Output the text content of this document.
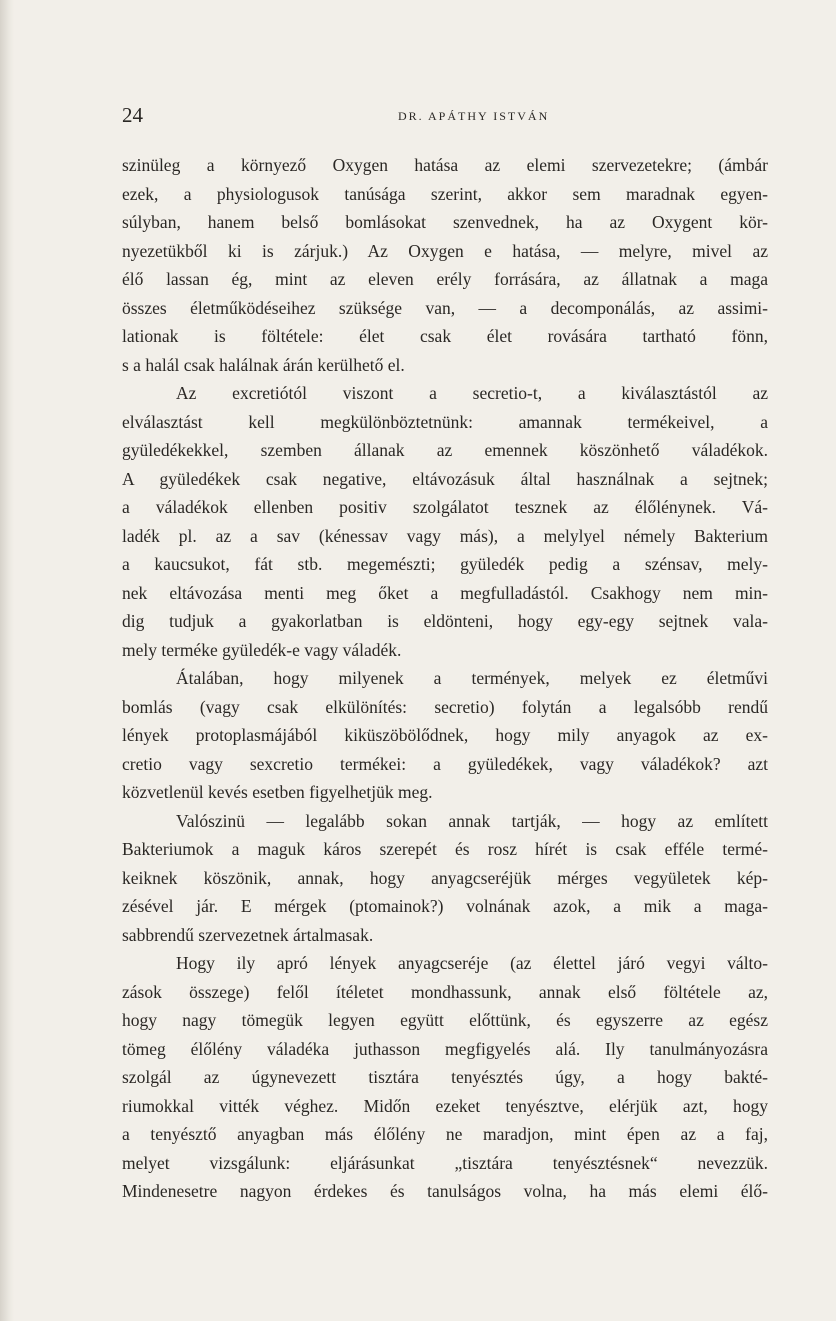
24	DR. APÁTHY ISTVÁN
szinüleg a környező Oxygen hatása az elemi szervezetekre; (ámbár
ezek, a physiologusok tanúsága szerint, akkor sem maradnak egyen-
súlyban, hanem belső bomlásokat szenvednek, ha az Oxygent kör-
nyezetükből ki is zárjuk.) Az Oxygen e hatása, — melyre, mivel az
élő lassan ég, mint az eleven erély forrására, az állatnak a maga
összes életműködéseihez szüksége van, — a decomponálás, az assimi-
lationak is föltétele: élet csak élet rovására tartható fönn,
s a halál csak halálnak árán kerülhető el.
Az excretiótól viszont a secretio-t, a kiválasztástól az
elválasztást kell megkülönböztetnünk: amannak termékeivel, a
gyüledékekkel, szemben állanak az emennek köszönhető váladékok.
A gyüledékek csak negative, eltávozásuk által használnak a sejtnek;
a váladékok ellenben positiv szolgálatot tesznek az élőlénynek. Vá-
ladék pl. az a sav (kénessav vagy más), a melylyel némely Bakterium
a kaucsukot, fát stb. megemészti; gyüledék pedig a szénsav, mely-
nek eltávozása menti meg őket a megfulladástól. Csakhogy nem min-
dig tudjuk a gyakorlatban is eldönteni, hogy egy-egy sejtnek vala-
mely terméke gyüledék-e vagy váladék.
Átalában, hogy milyenek a termények, melyek ez életművi
bomlás (vagy csak elkülönítés: secretio) folytán a legalsóbb rendű
lények protoplasmájából kiküszöbölődnek, hogy mily anyagok az ex-
cretio vagy sexcretio termékei: a gyüledékek, vagy váladékok? azt
közvetlenül kevés esetben figyelhetjük meg.
Valószinü — legalább sokan annak tartják, — hogy az említett
Bakteriumok a maguk káros szerepét és rosz hírét is csak efféle termé-
keiknek köszönik, annak, hogy anyagcseréjük mérges vegyületek kép-
zésével jár. E mérgek (ptomainok?) volnának azok, a mik a maga-
sabbrendű szervezetnek ártalmasak.
Hogy ily apró lények anyagcseréje (az élettel járó vegyi válto-
zások összege) felől ítéletet mondhassunk, annak első föltétele az,
hogy nagy tömegük legyen együtt előttünk, és egyszerre az egész
tömeg élőlény váladéka juthasson megfigyelés alá. Ily tanulmányozásra
szolgál az úgynevezett tisztára tenyésztés úgy, a hogy bakté-
riumokkal vitték véghez. Midőn ezeket tenyésztve, elérjük azt, hogy
a tenyésztő anyagban más élőlény ne maradjon, mint épen az a faj,
melyet vizsgálunk: eljárásunkat „tisztára tenyésztésnek“ nevezzük.
Mindenesetre nagyon érdekes és tanulságos volna, ha más elemi élő-
